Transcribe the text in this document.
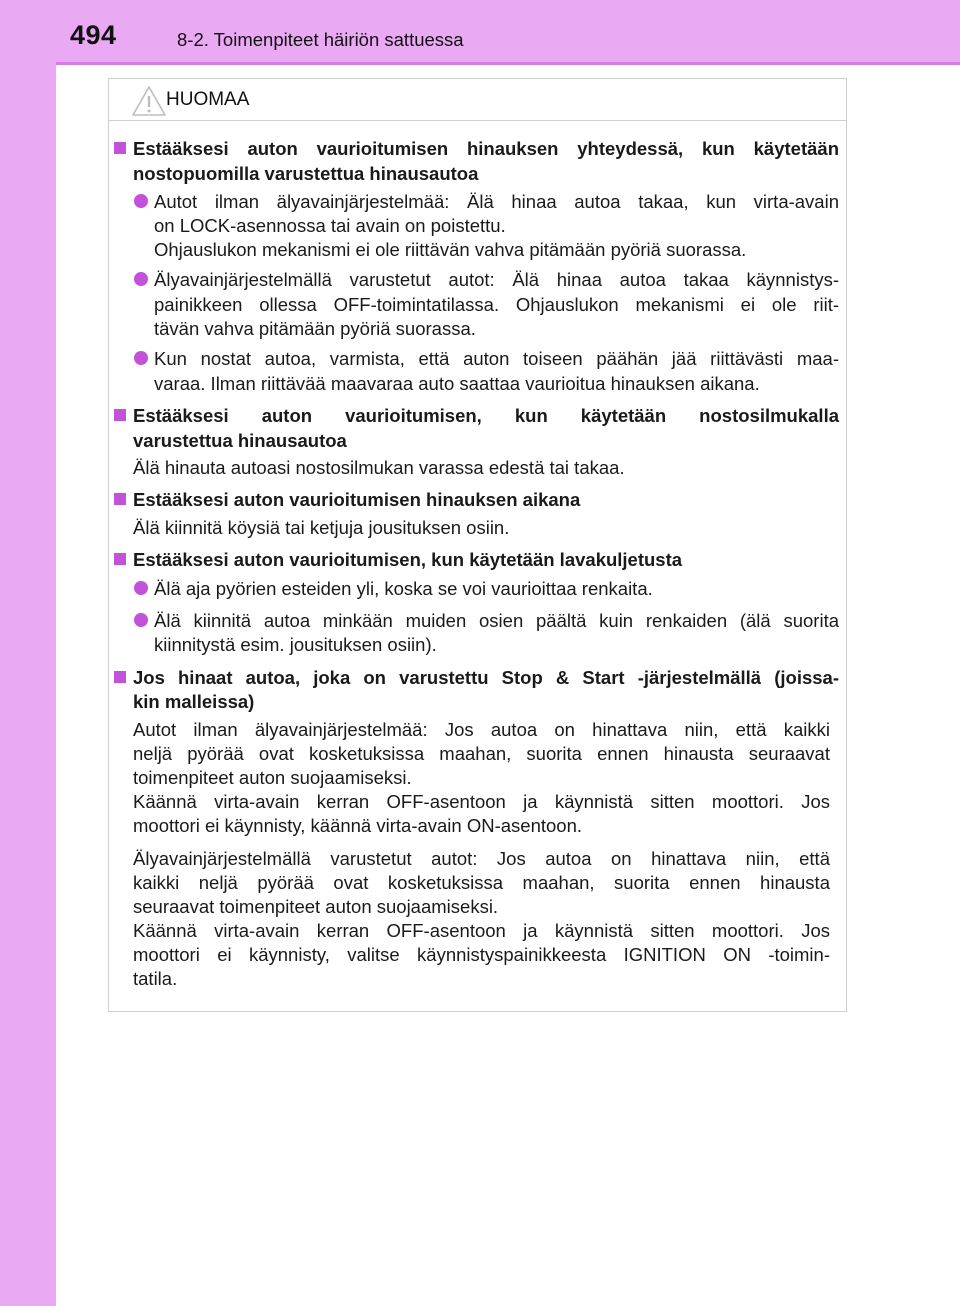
494	8-2. Toimenpiteet häiriön sattuessa
HUOMAA
Estääksesi auton vaurioitumisen hinauksen yhteydessä, kun käytetään
nostopuomilla varustettua hinausautoa
Autot ilman älyavainjärjestelmää: Älä hinaa autoa takaa, kun virta-avain
on LOCK-asennossa tai avain on poistettu.
Ohjauslukon mekanismi ei ole riittävän vahva pitämään pyöriä suorassa.
Älyavainjärjestelmällä varustetut autot: Älä hinaa autoa takaa käynnistys-
painikkeen ollessa OFF-toimintatilassa. Ohjauslukon mekanismi ei ole riit-
tävän vahva pitämään pyöriä suorassa.
Kun nostat autoa, varmista, että auton toiseen päähän jää riittävästi maa-
varaa. Ilman riittävää maavaraa auto saattaa vaurioitua hinauksen aikana.
Estääksesi auton vaurioitumisen, kun käytetään nostosilmukalla
varustettua hinausautoa
Älä hinauta autoasi nostosilmukan varassa edestä tai takaa.
Estääksesi auton vaurioitumisen hinauksen aikana
Älä kiinnitä köysiä tai ketjuja jousituksen osiin.
Estääksesi auton vaurioitumisen, kun käytetään lavakuljetusta
Älä aja pyörien esteiden yli, koska se voi vaurioittaa renkaita.
Älä kiinnitä autoa minkään muiden osien päältä kuin renkaiden (älä suorita
kiinnitystä esim. jousituksen osiin).
Jos hinaat autoa, joka on varustettu Stop & Start -järjestelmällä (joissa-
kin malleissa)
Autot ilman älyavainjärjestelmää: Jos autoa on hinattava niin, että kaikki
neljä pyörää ovat kosketuksissa maahan, suorita ennen hinausta seuraavat
toimenpiteet auton suojaamiseksi.
Käännä virta-avain kerran OFF-asentoon ja käynnistä sitten moottori. Jos
moottori ei käynnisty, käännä virta-avain ON-asentoon.
Älyavainjärjestelmällä varustetut autot: Jos autoa on hinattava niin, että
kaikki neljä pyörää ovat kosketuksissa maahan, suorita ennen hinausta
seuraavat toimenpiteet auton suojaamiseksi.
Käännä virta-avain kerran OFF-asentoon ja käynnistä sitten moottori. Jos
moottori ei käynnisty, valitse käynnistyspainikkeesta IGNITION ON -toimin-
tatila.
